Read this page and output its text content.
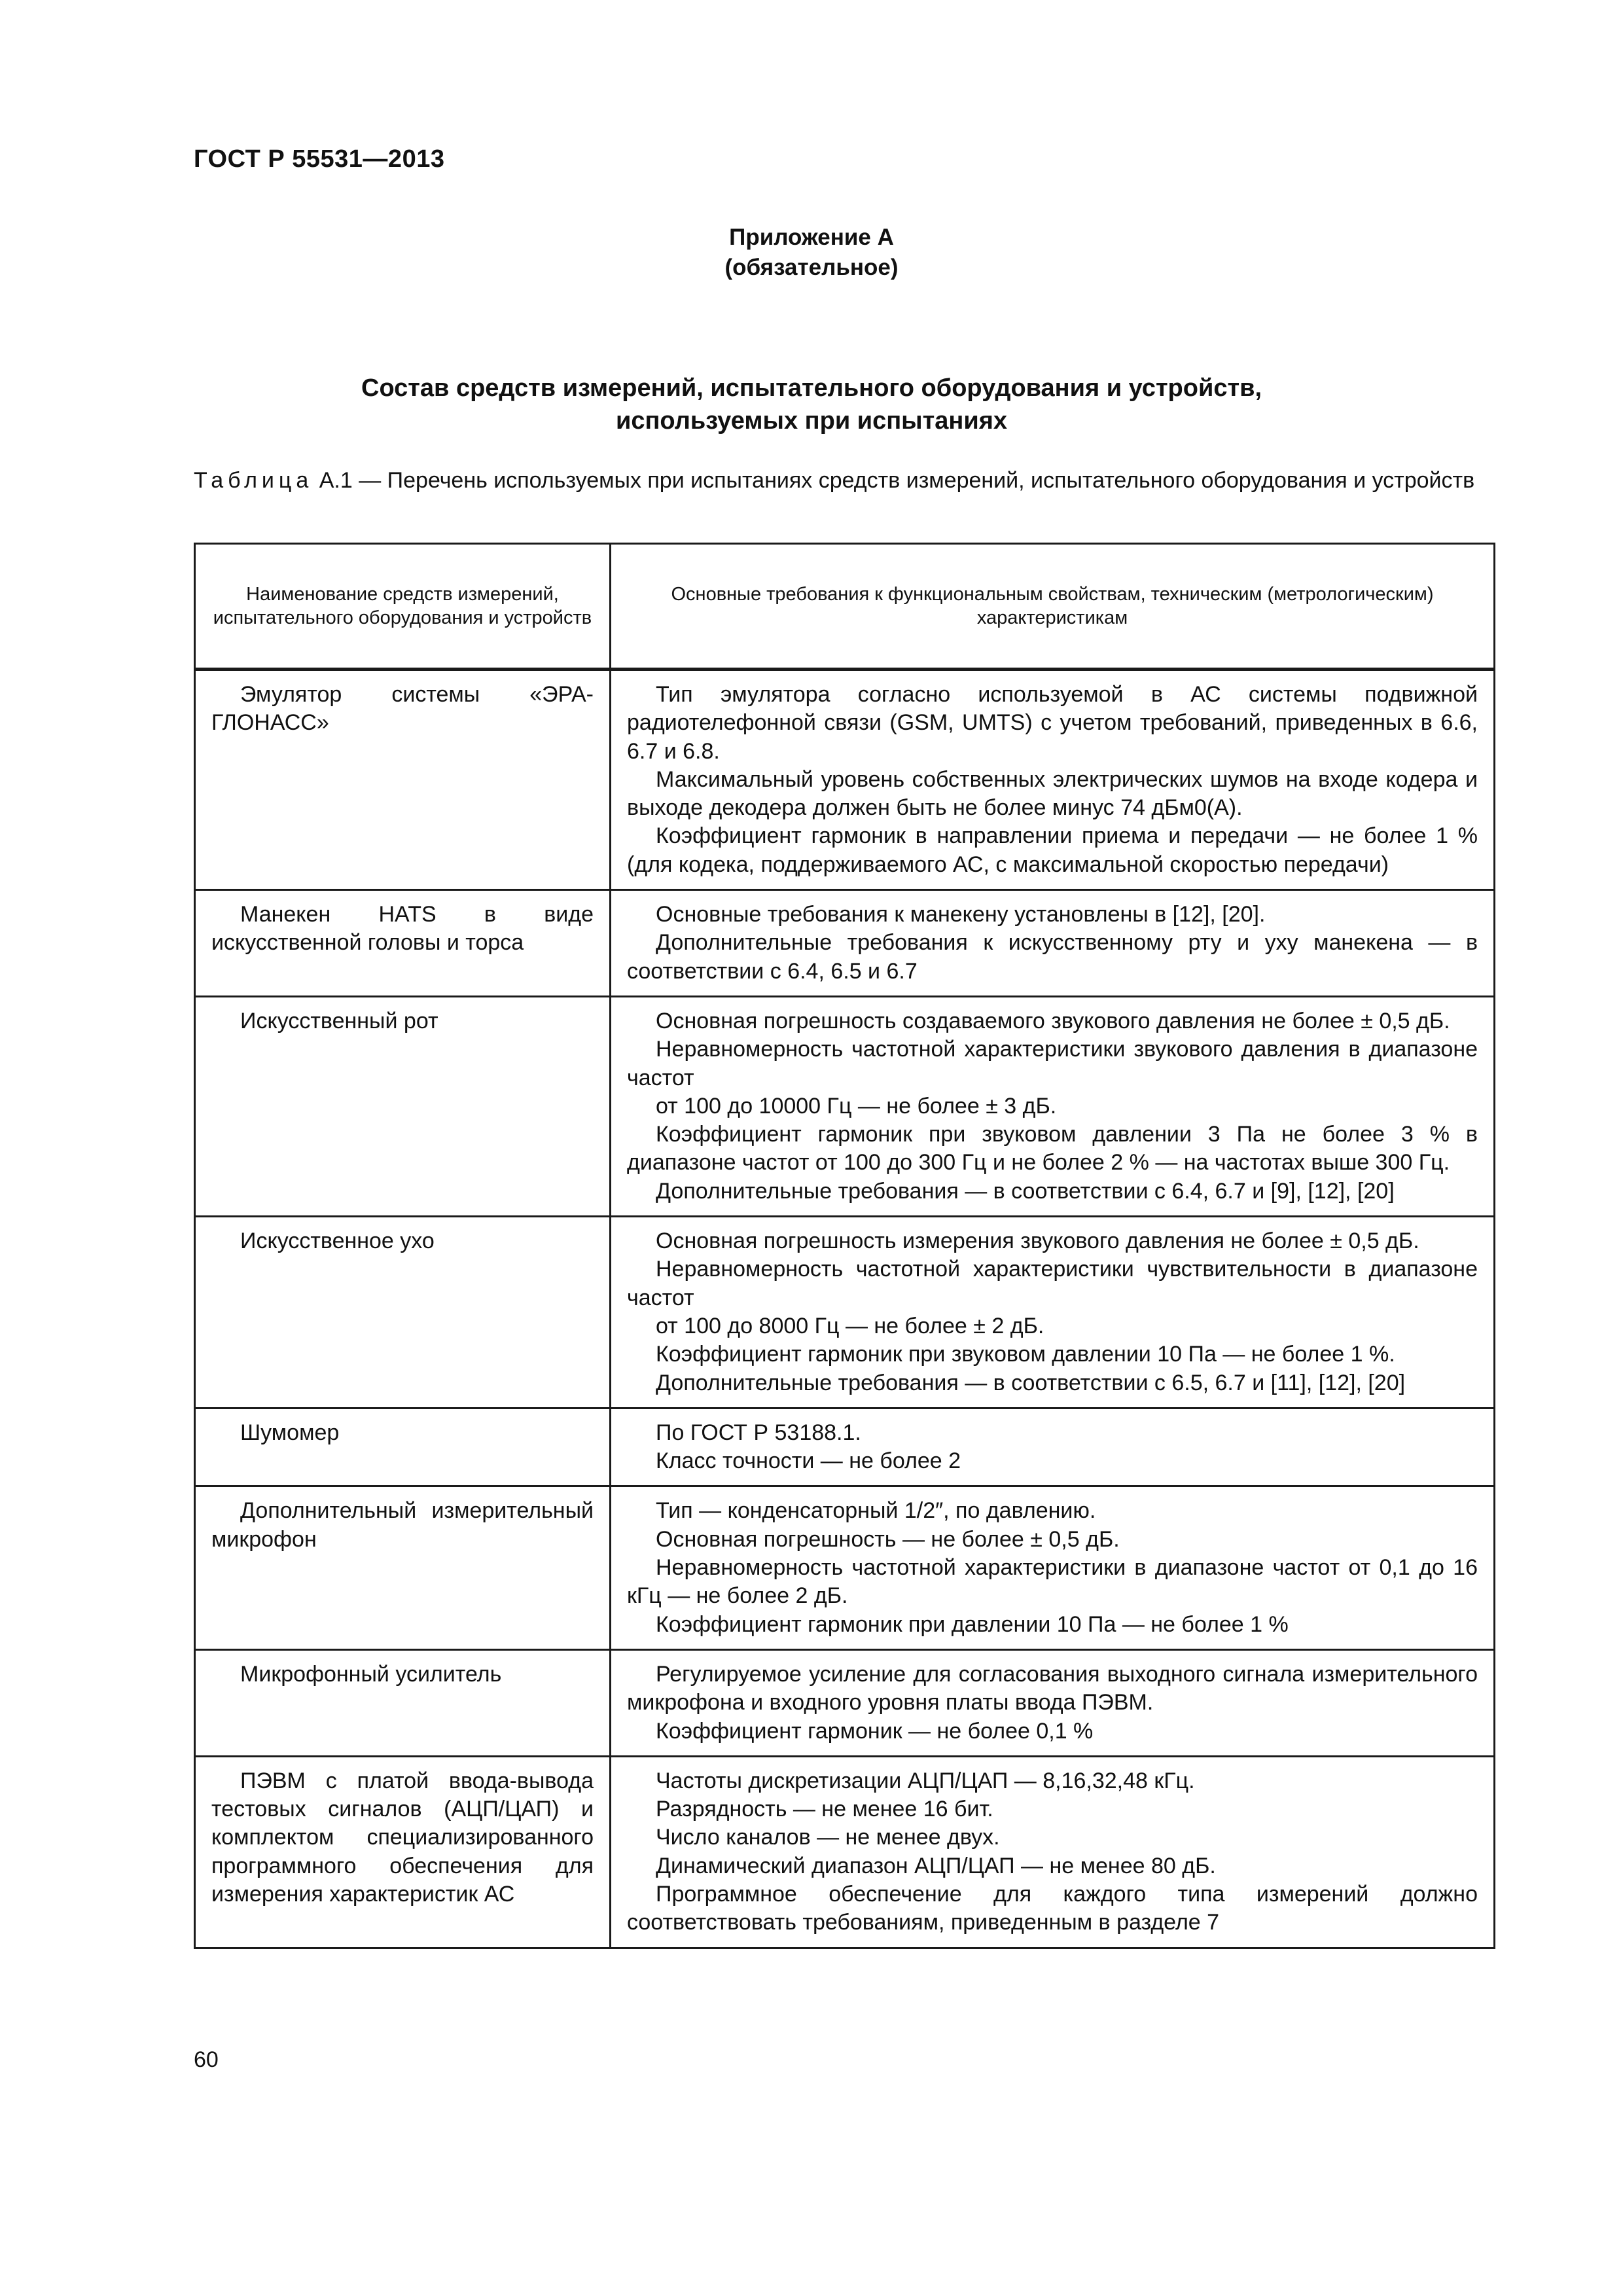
ГОСТ Р 55531—2013
Приложение А
(обязательное)
Состав средств измерений, испытательного оборудования и устройств,
используемых при испытаниях
Таблица А.1 — Перечень используемых при испытаниях средств измерений, испытательного оборудования и устройств
Наименование средств измерений, испытательного оборудования и устройств	Основные требования к функциональным свойствам, техническим (метрологическим) характеристикам

Эмулятор системы «ЭРА-ГЛОНАСС»	Тип эмулятора согласно используемой в АС системы подвижной радиотелефонной связи (GSM, UMTS) с учетом требований, приведенных в 6.6, 6.7 и 6.8.
Максимальный уровень собственных электрических шумов на входе кодера и выходе декодера должен быть не более минус 74 дБм0(А).
Коэффициент гармоник в направлении приема и передачи — не более 1 % (для кодека, поддерживаемого АС, с максимальной скоростью передачи)

Манекен HATS в виде искусственной головы и торса	Основные требования к манекену установлены в [12], [20].
Дополнительные требования к искусственному рту и уху манекена — в соответствии с 6.4, 6.5 и 6.7

Искусственный рот	Основная погрешность создаваемого звукового давления не более ± 0,5 дБ.
Неравномерность частотной характеристики звукового давления в диапазоне частот
от 100 до 10000 Гц — не более ± 3 дБ.
Коэффициент гармоник при звуковом давлении 3 Па не более 3 % в диапазоне частот от 100 до 300 Гц и не более 2 % — на частотах выше 300 Гц.
Дополнительные требования — в соответствии с 6.4, 6.7 и [9], [12], [20]

Искусственное ухо	Основная погрешность измерения звукового давления не более ± 0,5 дБ.
Неравномерность частотной характеристики чувствительности в диапазоне частот
от 100 до 8000 Гц — не более ± 2 дБ.
Коэффициент гармоник при звуковом давлении 10 Па — не более 1 %.
Дополнительные требования — в соответствии с 6.5, 6.7 и [11], [12], [20]

Шумомер	По ГОСТ Р 53188.1.
Класс точности — не более 2

Дополнительный измерительный микрофон	Тип — конденсаторный 1/2″, по давлению.
Основная погрешность — не более ± 0,5 дБ.
Неравномерность частотной характеристики в диапазоне частот от 0,1 до 16 кГц — не более 2 дБ.
Коэффициент гармоник при давлении 10 Па — не более 1 %

Микрофонный усилитель	Регулируемое усиление для согласования выходного сигнала измерительного микрофона и входного уровня платы ввода ПЭВМ.
Коэффициент гармоник — не более 0,1 %

ПЭВМ с платой ввода-вывода тестовых сигналов (АЦП/ЦАП) и комплектом специализированного программного обеспечения для измерения характеристик АС	Частоты дискретизации АЦП/ЦАП — 8,16,32,48 кГц.
Разрядность — не менее 16 бит.
Число каналов — не менее двух.
Динамический диапазон АЦП/ЦАП — не менее 80 дБ.
Программное обеспечение для каждого типа измерений должно соответствовать требованиям, приведенным в разделе 7
60
